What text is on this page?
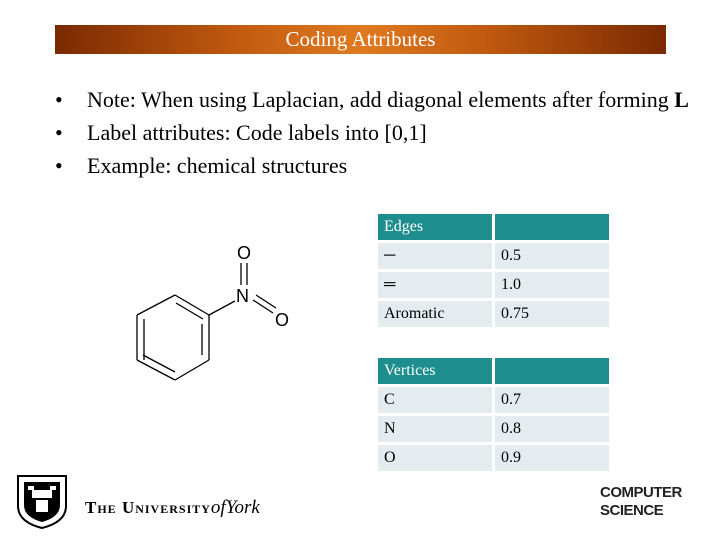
Coding Attributes
• Note: When using Laplacian, add diagonal elements after forming L
• Label attributes: Code labels into [0,1]
• Example: chemical structures
O
N
O
Edges	
─	0.5
═	1.0
Aromatic	0.75
Vertices	
C	0.7
N	0.8
O	0.9
THE UNIVERSITYofYork
COMPUTER
SCIENCE
